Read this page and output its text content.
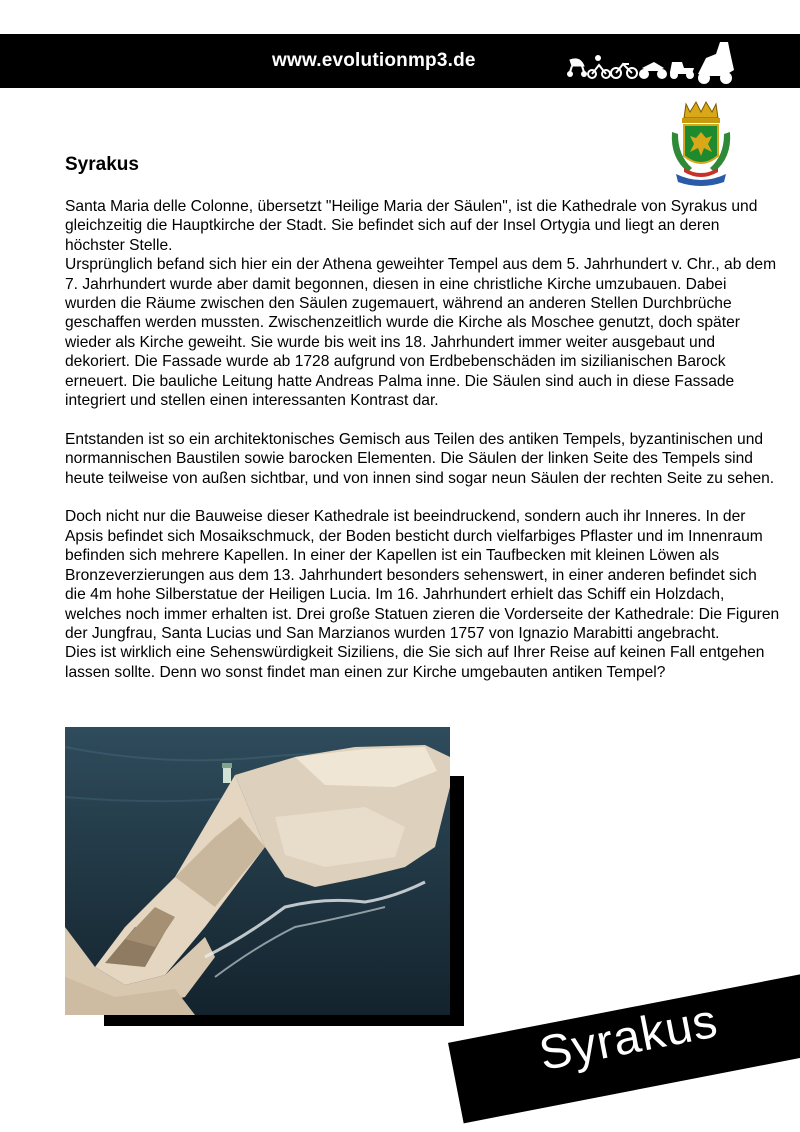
www.evolutionmp3.de
Syrakus

Santa Maria delle Colonne, übersetzt "Heilige Maria der Säulen", ist die Kathedrale von Syrakus und gleichzeitig die Hauptkirche der Stadt. Sie befindet sich auf der Insel Ortygia und liegt an deren höchster Stelle.

Ursprünglich befand sich hier ein der Athena geweihter Tempel aus dem 5. Jahrhundert v. Chr., ab dem 7. Jahrhundert wurde aber damit begonnen, diesen in eine christliche Kirche umzubauen. Dabei wurden die Räume zwischen den Säulen zugemauert, während an anderen Stellen Durchbrüche geschaffen werden mussten. Zwischenzeitlich wurde die Kirche als Moschee genutzt, doch später wieder als Kirche geweiht. Sie wurde bis weit ins 18. Jahrhundert immer weiter ausgebaut und dekoriert. Die Fassade wurde ab 1728 aufgrund von Erdbebenschäden im sizilianischen Barock erneuert. Die bauliche Leitung hatte Andreas Palma inne. Die Säulen sind auch in diese Fassade integriert und stellen einen interessanten Kontrast dar.

Entstanden ist so ein architektonisches Gemisch aus Teilen des antiken Tempels, byzantinischen und normannischen Baustilen sowie barocken Elementen. Die Säulen der linken Seite des Tempels sind heute teilweise von außen sichtbar, und von innen sind sogar neun Säulen der rechten Seite zu sehen.

Doch nicht nur die Bauweise dieser Kathedrale ist beeindruckend, sondern auch ihr Inneres. In der Apsis befindet sich Mosaikschmuck, der Boden besticht durch vielfarbiges Pflaster und im Innenraum befinden sich mehrere Kapellen. In einer der Kapellen ist ein Taufbecken mit kleinen Löwen als Bronzeverzierungen aus dem 13. Jahrhundert besonders sehenswert, in einer anderen befindet sich die 4m hohe Silberstatue der Heiligen Lucia. Im 16. Jahrhundert erhielt das Schiff ein Holzdach, welches noch immer erhalten ist. Drei große Statuen zieren die Vorderseite der Kathedrale: Die Figuren der Jungfrau, Santa Lucias und San Marzianos wurden 1757 von Ignazio Marabitti angebracht.

Dies ist wirklich eine Sehenswürdigkeit Siziliens, die Sie sich auf Ihrer Reise auf keinen Fall entgehen lassen sollte. Denn wo sonst findet man einen zur Kirche umgebauten antiken Tempel?

Syrakus
